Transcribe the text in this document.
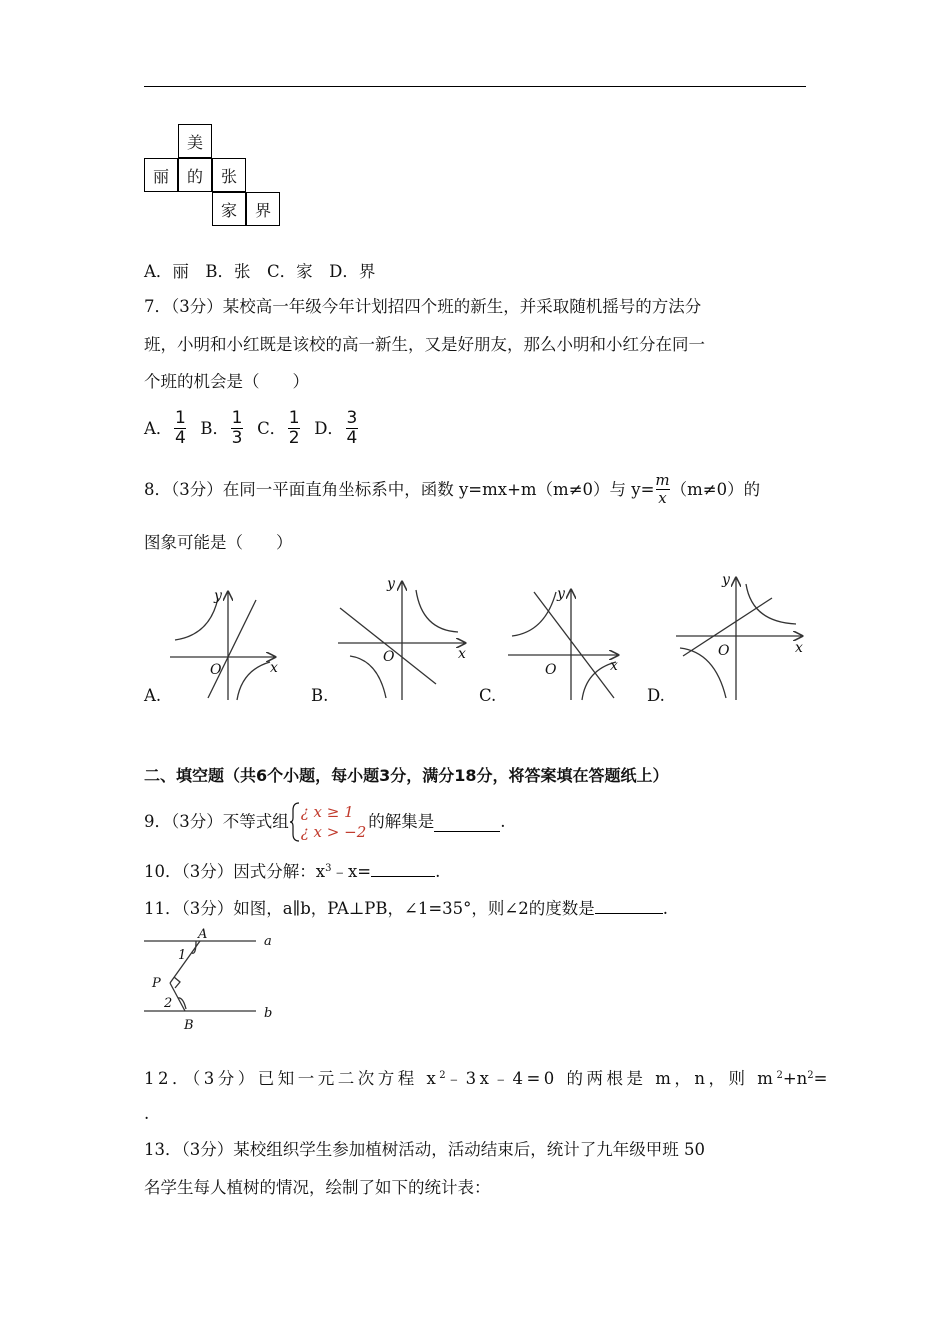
美
丽	的	张
家	界
A．丽　B．张　C．家　D．界
7．（3分）某校高一年级今年计划招四个班的新生，并采取随机摇号的方法分
班，小明和小红既是该校的高一新生，又是好朋友，那么小明和小红分在同一
个班的机会是（　　）
A． $\frac{1}{4}$ B． $\frac{1}{3}$ C． $\frac{1}{2}$ D． $\frac{3}{4}$
8．（3分）在同一平面直角坐标系中，函数 y=mx+m（m≠0）与 y= m
x （m≠0）的
图象可能是（　　）
y
x
O
y
x
O
y
x
O
y
x
O
A.	B.	C.	D.
二、填空题（共6个小题，每小题3分，满分18分，将答案填在答题纸上）
9．（3分）不等式组 ¿ x ≥ 1
¿ x > −2
的解集是	.
10．（3分）因式分解：$x^3﹣x=$	.
11．（3分）如图，a∥b，PA⊥PB，∠1=35°，则∠2的度数是	.
A	a
1
P
2
b
B
12．（3分）已知一元二次方程 x $^2$﹣3x﹣4=0 的两根是 m，n，则 $m^2+n^2=$
.
13．（3分）某校组织学生参加植树活动，活动结束后，统计了九年级甲班 50
名学生每人植树的情况，绘制了如下的统计表：
